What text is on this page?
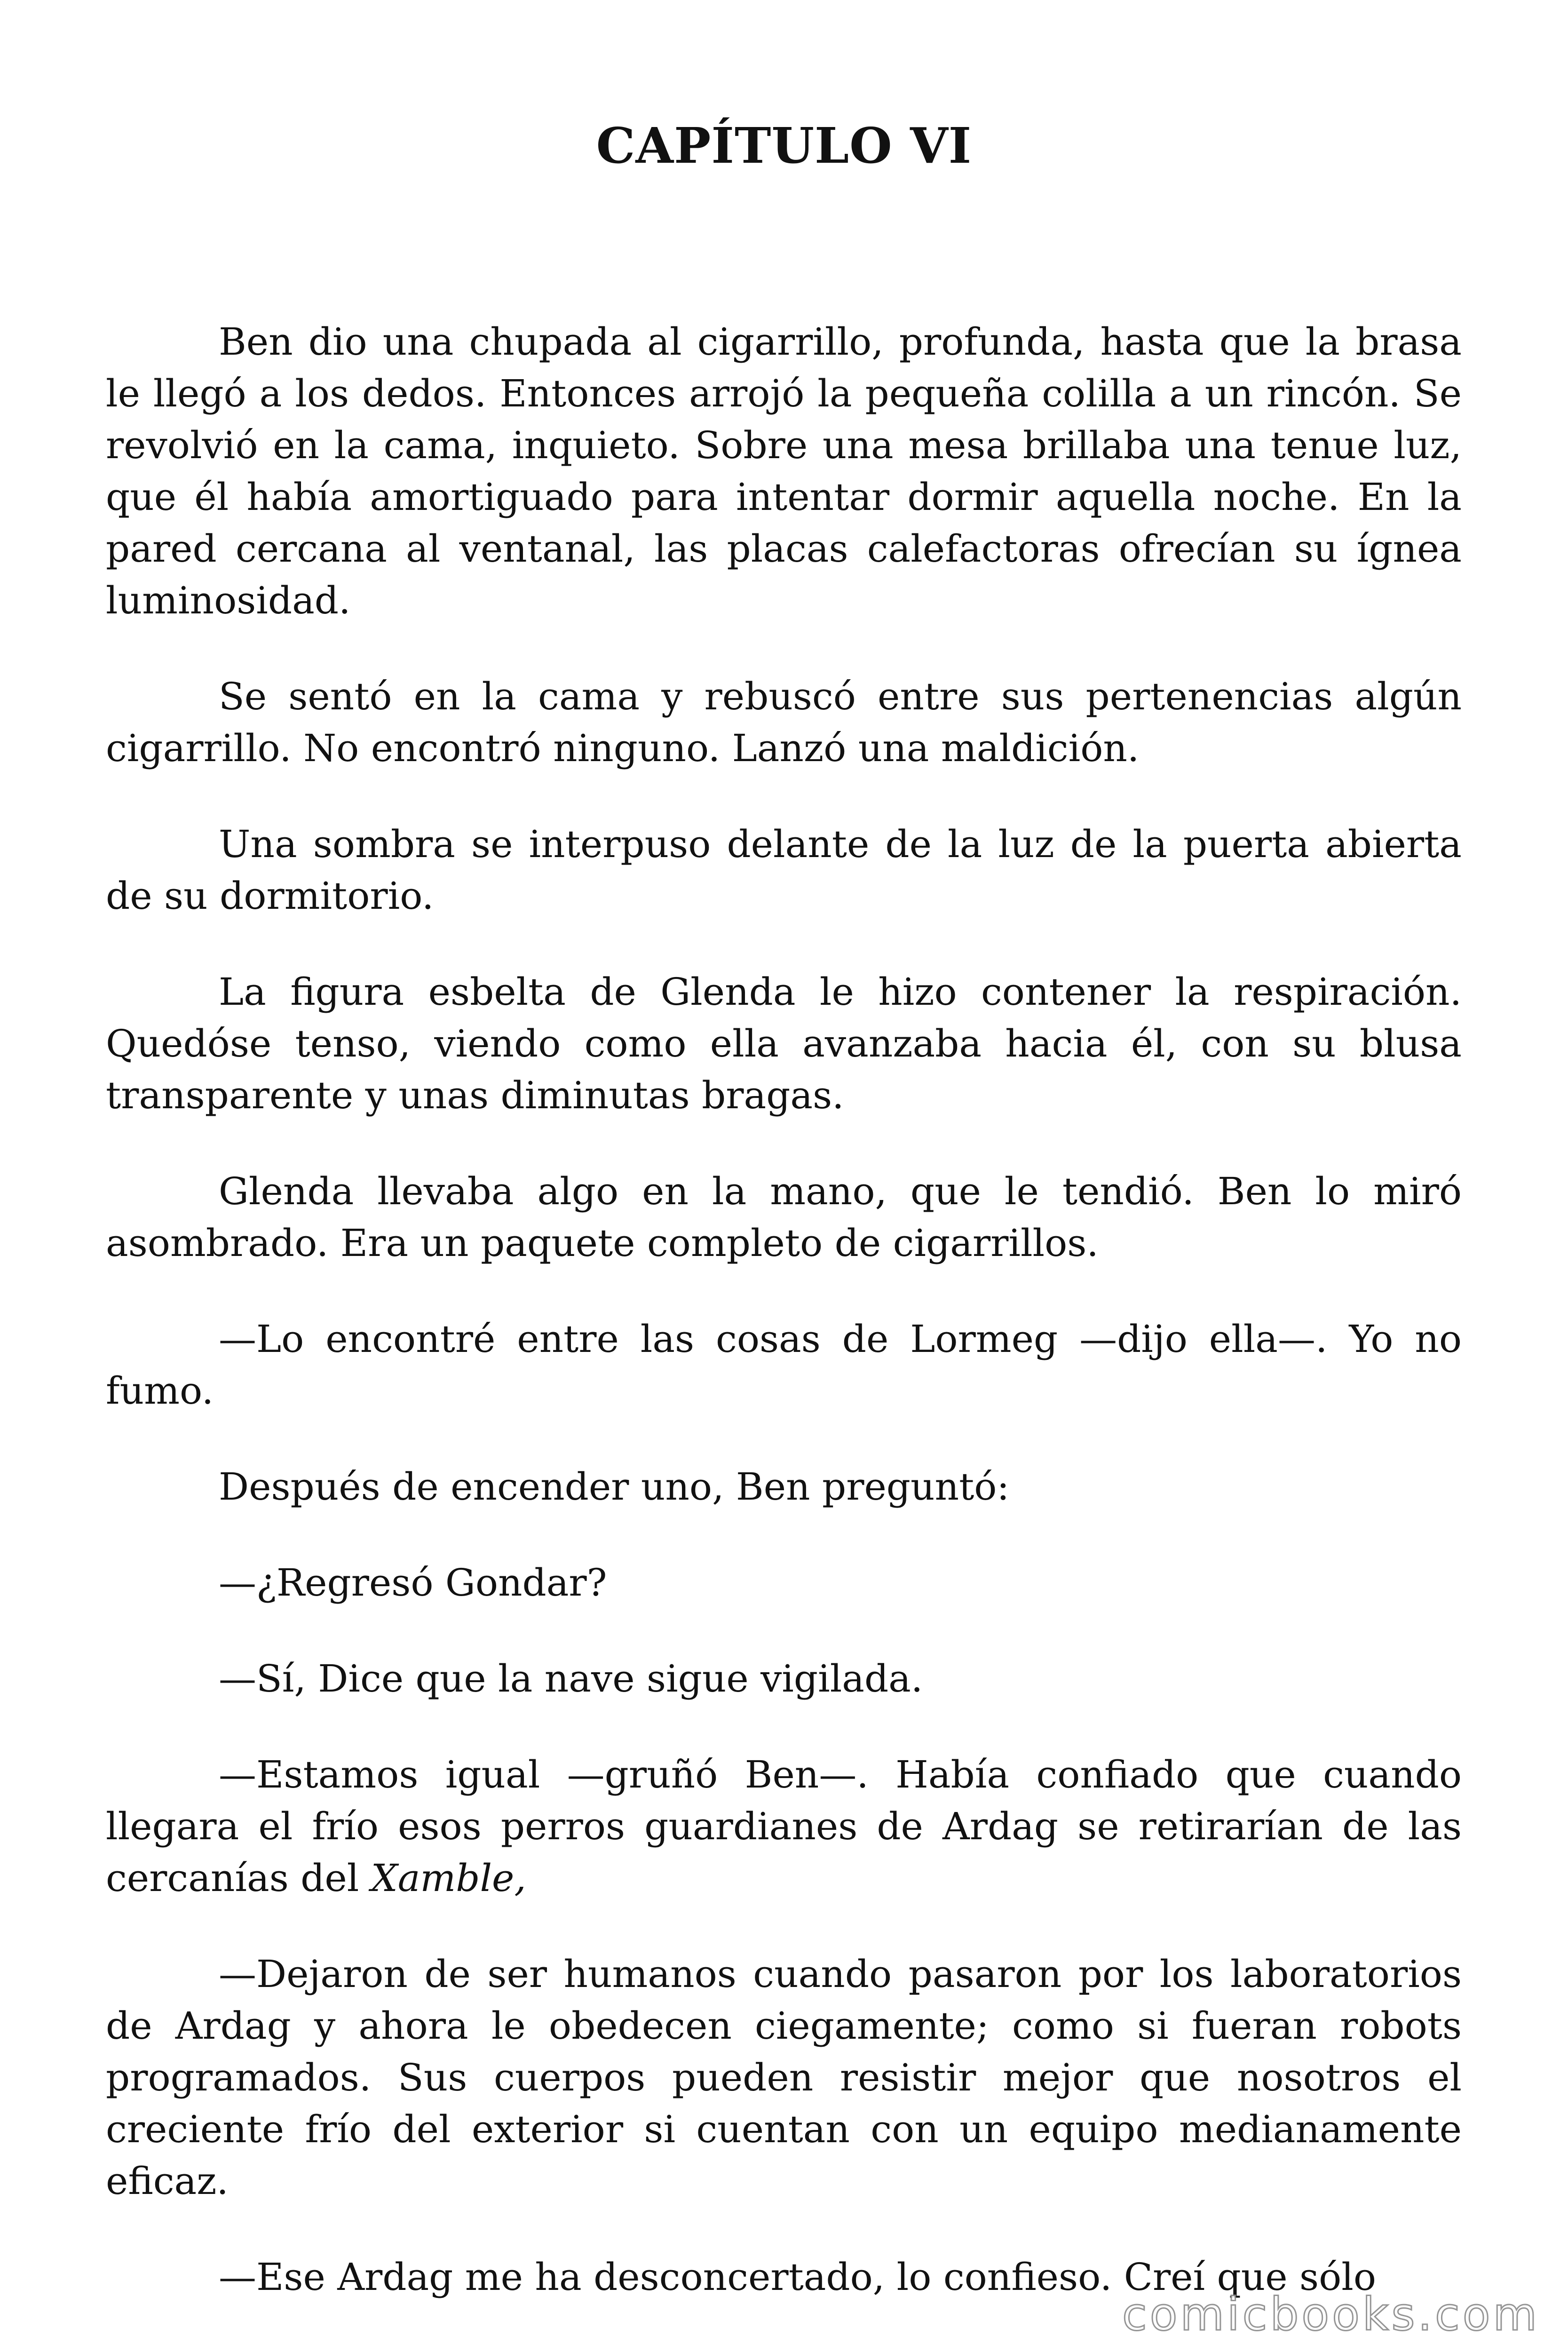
CAPÍTULO VI

Ben dio una chupada al cigarrillo, profunda, hasta que la brasa le llegó a los dedos. Entonces arrojó la pequeña colilla a un rincón. Se revolvió en la cama, inquieto. Sobre una mesa brillaba una tenue luz, que él había amortiguado para intentar dormir aquella noche. En la pared cercana al ventanal, las placas calefactoras ofrecían su ígnea luminosidad.

Se sentó en la cama y rebuscó entre sus pertenencias algún cigarrillo. No encontró ninguno. Lanzó una maldición.

Una sombra se interpuso delante de la luz de la puerta abierta de su dormitorio.

La figura esbelta de Glenda le hizo contener la respiración. Quedóse tenso, viendo como ella avanzaba hacia él, con su blusa transparente y unas diminutas bragas.

Glenda llevaba algo en la mano, que le tendió. Ben lo miró asombrado. Era un paquete completo de cigarrillos.

—Lo encontré entre las cosas de Lormeg —dijo ella—. Yo no fumo.

Después de encender uno, Ben preguntó:

—¿Regresó Gondar?

—Sí, Dice que la nave sigue vigilada.

—Estamos igual —gruñó Ben—. Había confiado que cuando llegara el frío esos perros guardianes de Ardag se retirarían de las cercanías del Xamble,

—Dejaron de ser humanos cuando pasaron por los laboratorios de Ardag y ahora le obedecen ciegamente; como si fueran robots programados. Sus cuerpos pueden resistir mejor que nosotros el creciente frío del exterior si cuentan con un equipo medianamente eficaz.

—Ese Ardag me ha desconcertado, lo confieso. Creí que sólo

comicbooks.com
